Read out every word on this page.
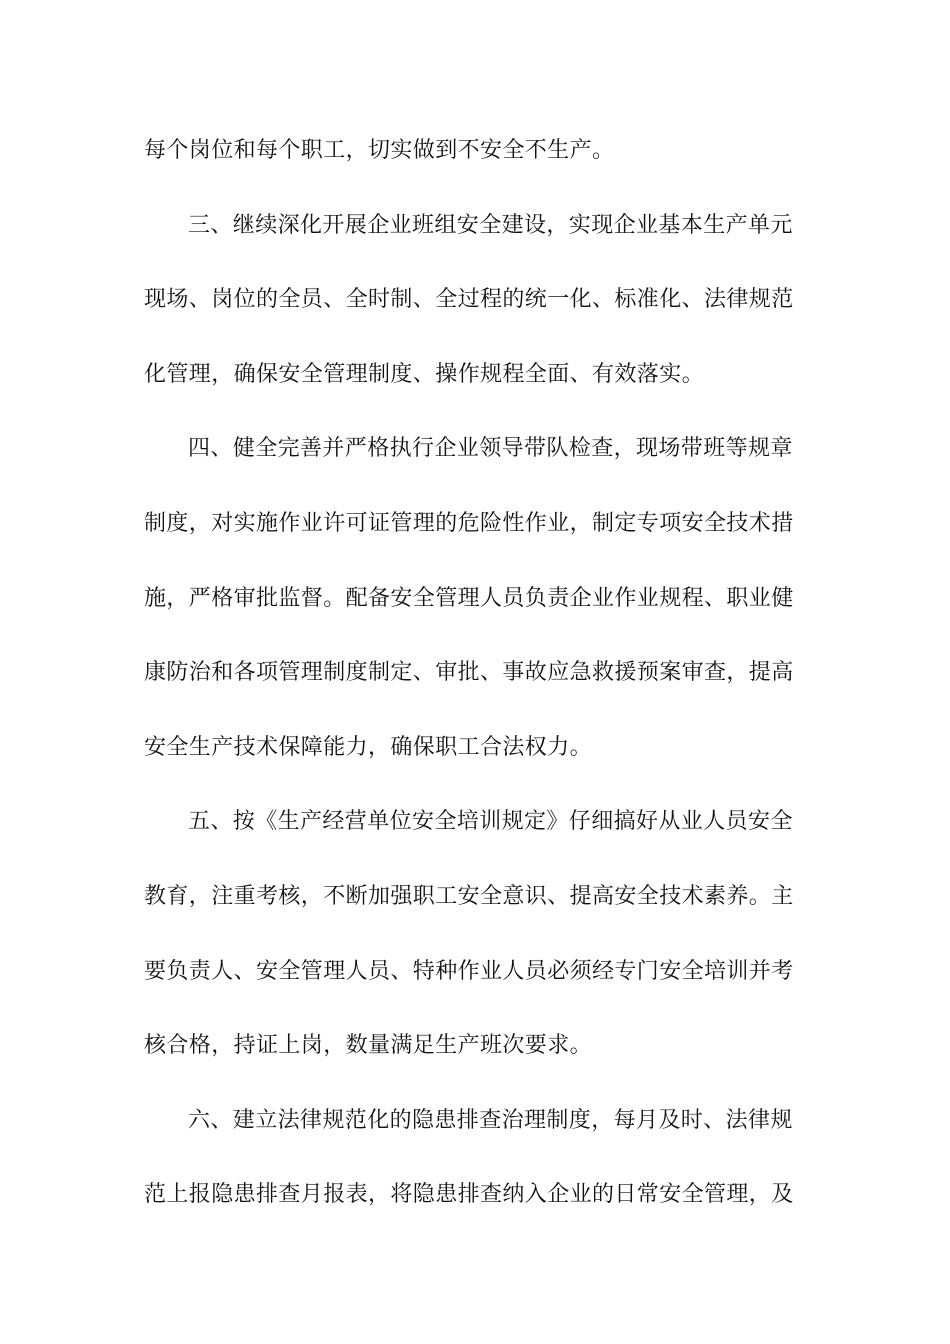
每个岗位和每个职工，切实做到不安全不生产。
三、继续深化开展企业班组安全建设，实现企业基本生产单元
现场、岗位的全员、全时制、全过程的统一化、标准化、法律规范
化管理，确保安全管理制度、操作规程全面、有效落实。
四、健全完善并严格执行企业领导带队检查，现场带班等规章
制度，对实施作业许可证管理的危险性作业，制定专项安全技术措
施，严格审批监督。配备安全管理人员负责企业作业规程、职业健
康防治和各项管理制度制定、审批、事故应急救援预案审查，提高
安全生产技术保障能力，确保职工合法权力。
五、按《生产经营单位安全培训规定》仔细搞好从业人员安全
教育，注重考核，不断加强职工安全意识、提高安全技术素养。主
要负责人、安全管理人员、特种作业人员必须经专门安全培训并考
核合格，持证上岗，数量满足生产班次要求。
六、建立法律规范化的隐患排查治理制度，每月及时、法律规
范上报隐患排查月报表，将隐患排查纳入企业的日常安全管理，及
